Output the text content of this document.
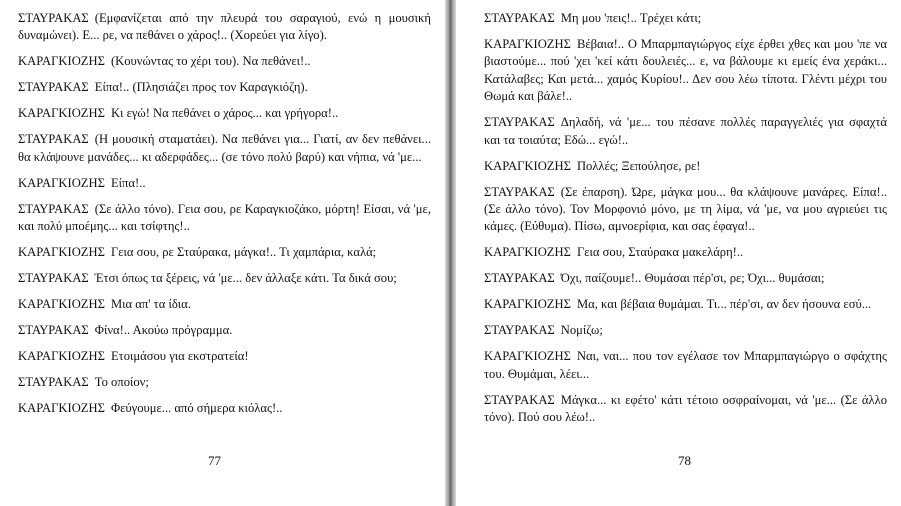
ΣΤΑΥΡΑΚΑΣ (Εμφανίζεται από την πλευρά του σαραγιού, ενώ η μουσική δυναμώνει). Ε... ρε, να πεθάνει ο χάρος!.. (Χορεύει για λίγο).

ΚΑΡΑΓΚΙΟΖΗΣ (Κουνώντας το χέρι του). Να πεθάνει!..

ΣΤΑΥΡΑΚΑΣ Είπα!.. (Πλησιάζει προς τον Καραγκιόζη).

ΚΑΡΑΓΚΙΟΖΗΣ Κι εγώ! Να πεθάνει ο χάρος... και γρήγορα!..

ΣΤΑΥΡΑΚΑΣ (Η μουσική σταματάει). Να πεθάνει για... Γιατί, αν δεν πεθάνει... θα κλάψουνε μανάδες... κι αδερφάδες... (σε τόνο πολύ βαρύ) και νήπια, νά 'με...

ΚΑΡΑΓΚΙΟΖΗΣ Είπα!..

ΣΤΑΥΡΑΚΑΣ (Σε άλλο τόνο). Γεια σου, ρε Καραγκιοζάκο, μόρτη! Είσαι, νά 'με, και πολύ μποέμης... και τσίφτης!..

ΚΑΡΑΓΚΙΟΖΗΣ Γεια σου, ρε Σταύρακα, μάγκα!.. Τι χαμπάρια, καλά;

ΣΤΑΥΡΑΚΑΣ Έτσι όπως τα ξέρεις, νά 'με... δεν άλλαξε κάτι. Τα δικά σου;

ΚΑΡΑΓΚΙΟΖΗΣ Μια απ' τα ίδια.

ΣΤΑΥΡΑΚΑΣ Φίνα!.. Ακούω πρόγραμμα.

ΚΑΡΑΓΚΙΟΖΗΣ Ετοιμάσου για εκστρατεία!

ΣΤΑΥΡΑΚΑΣ Το οποίον;

ΚΑΡΑΓΚΙΟΖΗΣ Φεύγουμε... από σήμερα κιόλας!..

77

ΣΤΑΥΡΑΚΑΣ Μη μου 'πεις!.. Τρέχει κάτι;

ΚΑΡΑΓΚΙΟΖΗΣ Βέβαια!.. Ο Μπαρμπαγιώργος είχε έρθει χθες και μου 'πε να βιαστούμε... πού 'χει 'κεί κάτι δουλειές... ε, να βάλουμε κι εμείς ένα χεράκι... Κατάλαβες; Και μετά... χαμός Κυρίου!.. Δεν σου λέω τίποτα. Γλέντι μέχρι του Θωμά και βάλε!..

ΣΤΑΥΡΑΚΑΣ Δηλαδή, νά 'με... του πέσανε πολλές παραγγελιές για σφαχτά και τα τοιαύτα; Εδώ... εγώ!..

ΚΑΡΑΓΚΙΟΖΗΣ Πολλές; Ξεπούλησε, ρε!

ΣΤΑΥΡΑΚΑΣ (Σε έπαρση). Ώρε, μάγκα μου... θα κλάψουνε μανάρες. Είπα!.. (Σε άλλο τόνο). Τον Μορφονιό μόνο, με τη λίμα, νά 'με, να μου αγριεύει τις κάμες. (Εύθυμα). Πίσω, αμνοερίφια, και σας έφαγα!..

ΚΑΡΑΓΚΙΟΖΗΣ Γεια σου, Σταύρακα μακελάρη!..

ΣΤΑΥΡΑΚΑΣ Όχι, παίζουμε!.. Θυμάσαι πέρ'σι, ρε; Όχι... θυμάσαι;

ΚΑΡΑΓΚΙΟΖΗΣ Μα, και βέβαια θυμάμαι. Τι... πέρ'σι, αν δεν ήσουνα εσύ...

ΣΤΑΥΡΑΚΑΣ Νομίζω;

ΚΑΡΑΓΚΙΟΖΗΣ Ναι, ναι... που τον εγέλασε τον Μπαρμπαγιώργο ο σφάχτης του. Θυμάμαι, λέει...

ΣΤΑΥΡΑΚΑΣ Μάγκα... κι εφέτο' κάτι τέτοιο οσφραίνομαι, νά 'με... (Σε άλλο τόνο). Πού σου λέω!..

78
